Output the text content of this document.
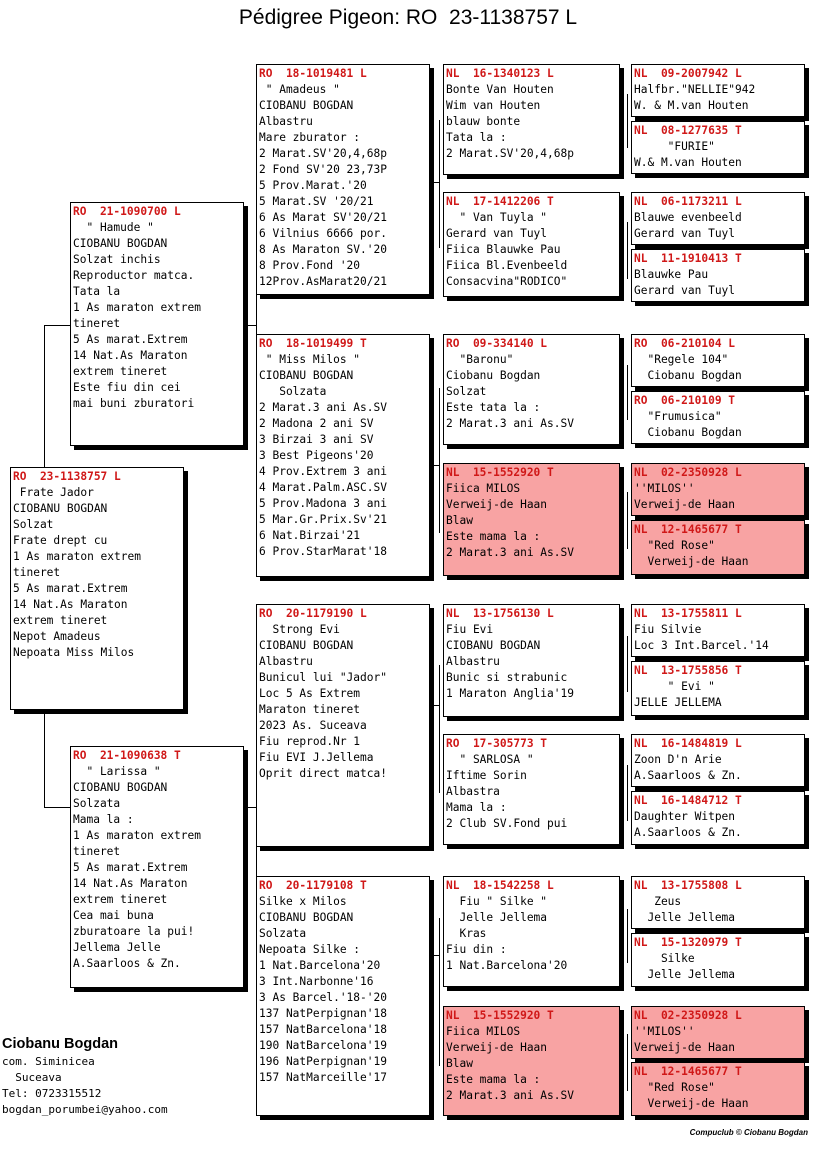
Pédigree Pigeon: RO  23-1138757 L
RO  23-1138757 L
Frate Jador
CIOBANU BOGDAN
Solzat
Frate drept cu
1 As maraton extrem
tineret
5 As marat.Extrem
14 Nat.As Maraton
extrem tineret
Nepot Amadeus
Nepoata Miss Milos
RO  21-1090700 L
" Hamude "
CIOBANU BOGDAN
Solzat inchis
Reproductor matca.
Tata la
1 As maraton extrem
tineret
5 As marat.Extrem
14 Nat.As Maraton
extrem tineret
Este fiu din cei
mai buni zburatori
RO  21-1090638 T
" Larissa "
CIOBANU BOGDAN
Solzata
Mama la :
1 As maraton extrem
tineret
5 As marat.Extrem
14 Nat.As Maraton
extrem tineret
Cea mai buna
zburatoare la pui!
Jellema Jelle
A.Saarloos & Zn.
RO  18-1019481 L
" Amadeus "
CIOBANU BOGDAN
Albastru
Mare zburator :
2 Marat.SV'20,4,68p
2 Fond SV'20 23,73P
5 Prov.Marat.'20
5 Marat.SV '20/21
6 As Marat SV'20/21
6 Vilnius 6666 por.
8 As Maraton SV.'20
8 Prov.Fond '20
12Prov.AsMarat20/21
RO  18-1019499 T
" Miss Milos "
CIOBANU BOGDAN
Solzata
2 Marat.3 ani As.SV
2 Madona 2 ani SV
3 Birzai 3 ani SV
3 Best Pigeons'20
4 Prov.Extrem 3 ani
4 Marat.Palm.ASC.SV
5 Prov.Madona 3 ani
5 Mar.Gr.Prix.Sv'21
6 Nat.Birzai'21
6 Prov.StarMarat'18
RO  20-1179190 L
Strong Evi
CIOBANU BOGDAN
Albastru
Bunicul lui "Jador"
Loc 5 As Extrem
Maraton tineret
2023 As. Suceava
Fiu reprod.Nr 1
Fiu EVI J.Jellema
Oprit direct matca!
RO  20-1179108 T
Silke x Milos
CIOBANU BOGDAN
Solzata
Nepoata Silke :
1 Nat.Barcelona'20
3 Int.Narbonne'16
3 As Barcel.'18-'20
137 NatPerpignan'18
157 NatBarcelona'18
190 NatBarcelona'19
196 NatPerpignan'19
157 NatMarceille'17
NL  16-1340123 L
Bonte Van Houten
Wim van Houten
blauw bonte
Tata la :
2 Marat.SV'20,4,68p
NL  17-1412206 T
" Van Tuyla "
Gerard van Tuyl
Fiica Blauwke Pau
Fiica Bl.Evenbeeld
Consacvina"RODICO"
RO  09-334140 L
"Baronu"
Ciobanu Bogdan
Solzat
Este tata la :
2 Marat.3 ani As.SV
NL  15-1552920 T
Fiica MILOS
Verweij-de Haan
Blaw
Este mama la :
2 Marat.3 ani As.SV
NL  13-1756130 L
Fiu Evi
CIOBANU BOGDAN
Albastru
Bunic si strabunic
1 Maraton Anglia'19
RO  17-305773 T
" SARLOSA "
Iftime Sorin
Albastra
Mama la :
2 Club SV.Fond pui
NL  18-1542258 L
Fiu " Silke "
Jelle Jellema
Kras
Fiu din :
1 Nat.Barcelona'20
NL  15-1552920 T
Fiica MILOS
Verweij-de Haan
Blaw
Este mama la :
2 Marat.3 ani As.SV
NL  09-2007942 L
Halfbr."NELLIE"942
W. & M.van Houten
NL  08-1277635 T
"FURIE"
W.& M.van Houten
NL  06-1173211 L
Blauwe evenbeeld
Gerard van Tuyl
NL  11-1910413 T
Blauwke Pau
Gerard van Tuyl
RO  06-210104 L
"Regele 104"
Ciobanu Bogdan
RO  06-210109 T
"Frumusica"
Ciobanu Bogdan
NL  02-2350928 L
''MILOS''
Verweij-de Haan
NL  12-1465677 T
"Red Rose"
Verweij-de Haan
NL  13-1755811 L
Fiu Silvie
Loc 3 Int.Barcel.'14
NL  13-1755856 T
" Evi "
JELLE JELLEMA
NL  16-1484819 L
Zoon D'n Arie
A.Saarloos & Zn.
NL  16-1484712 T
Daughter Witpen
A.Saarloos & Zn.
NL  13-1755808 L
Zeus
Jelle Jellema
NL  15-1320979 T
Silke
Jelle Jellema
NL  02-2350928 L
''MILOS''
Verweij-de Haan
NL  12-1465677 T
"Red Rose"
Verweij-de Haan
Ciobanu Bogdan
com. Siminicea
Suceava
Tel: 0723315512
bogdan_porumbei@yahoo.com
Compuclub © Ciobanu Bogdan
